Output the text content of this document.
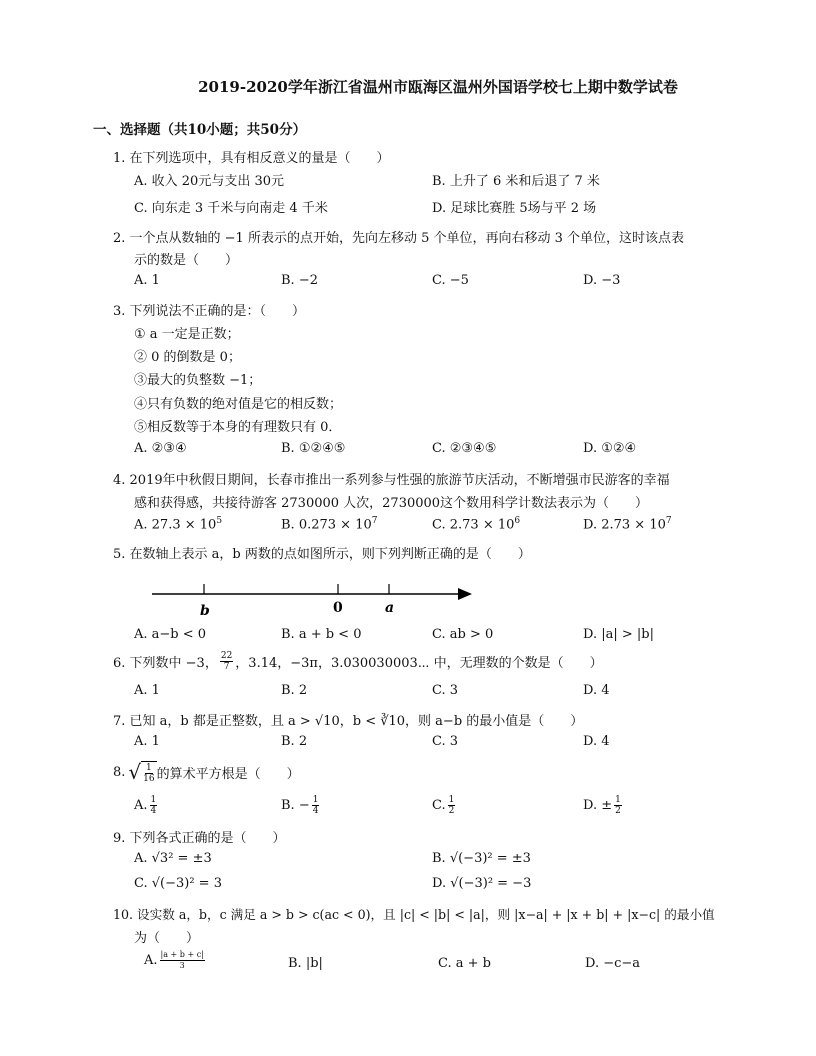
2019-2020学年浙江省温州市瓯海区温州外国语学校七上期中数学试卷
一、选择题（共10小题；共50分）
1. 在下列选项中，具有相反意义的量是（　　）
A. 收入 20元与支出 30元	B. 上升了 6 米和后退了 7 米
C. 向东走 3 千米与向南走 4 千米	D. 足球比赛胜 5场与平 2 场
2. 一个点从数轴的 −1 所表示的点开始，先向左移动 5 个单位，再向右移动 3 个单位，这时该点表
示的数是（　　）
A. 1	B. −2	C. −5	D. −3
3. 下列说法不正确的是：（　　）
① a 一定是正数；
② 0 的倒数是 0；
③最大的负整数 −1；
④只有负数的绝对值是它的相反数；
⑤相反数等于本身的有理数只有 0．
A. ②③④	B. ①②④⑤	C. ②③④⑤	D. ①②④
4. 2019年中秋假日期间，长春市推出一系列参与性强的旅游节庆活动，不断增强市民游客的幸福
感和获得感，共接待游客 2730000 人次，2730000这个数用科学计数法表示为（　　）
A. $27.3 \times 10^5$	B. $0.273 \times 10^7$	C. $2.73 \times 10^6$	D. $2.73 \times 10^7$
5. 在数轴上表示 a，b 两数的点如图所示，则下列判断正确的是（　　）
b	0	a
A. a−b < 0	B. a + b < 0	C. ab > 0	D. |a| > |b|
6. 下列数中 −3， 22
7 ，3.14，−3π，3.030030003⋯ 中，无理数的个数是（　　）
A. 1	B. 2	C. 3	D. 4
7. 已知 a，b 都是正整数，且 a > √10，b < ∛10，则 a−b 的最小值是（　　）
A. 1	B. 2	C. 3	D. 4
8. √ 1
16 的算术平方根是（　　）
A. 1
4	B. − $\frac{1}{4}$	C. 1
2	D. ± $\frac{1}{2}$
9. 下列各式正确的是（　　）
A. √3² = ±3	B. √(−3)² = ±3
C. √(−3)² = 3	D. √(−3)² = −3
10. 设实数 a，b，c 满足 a > b > c(ac < 0)，且 |c| < |b| < |a|，则 |x−a| + |x + b| + |x−c| 的最小值
为（　　）
A. |a + b + c|
3	B. |b|	C. a + b	D. −c−a
